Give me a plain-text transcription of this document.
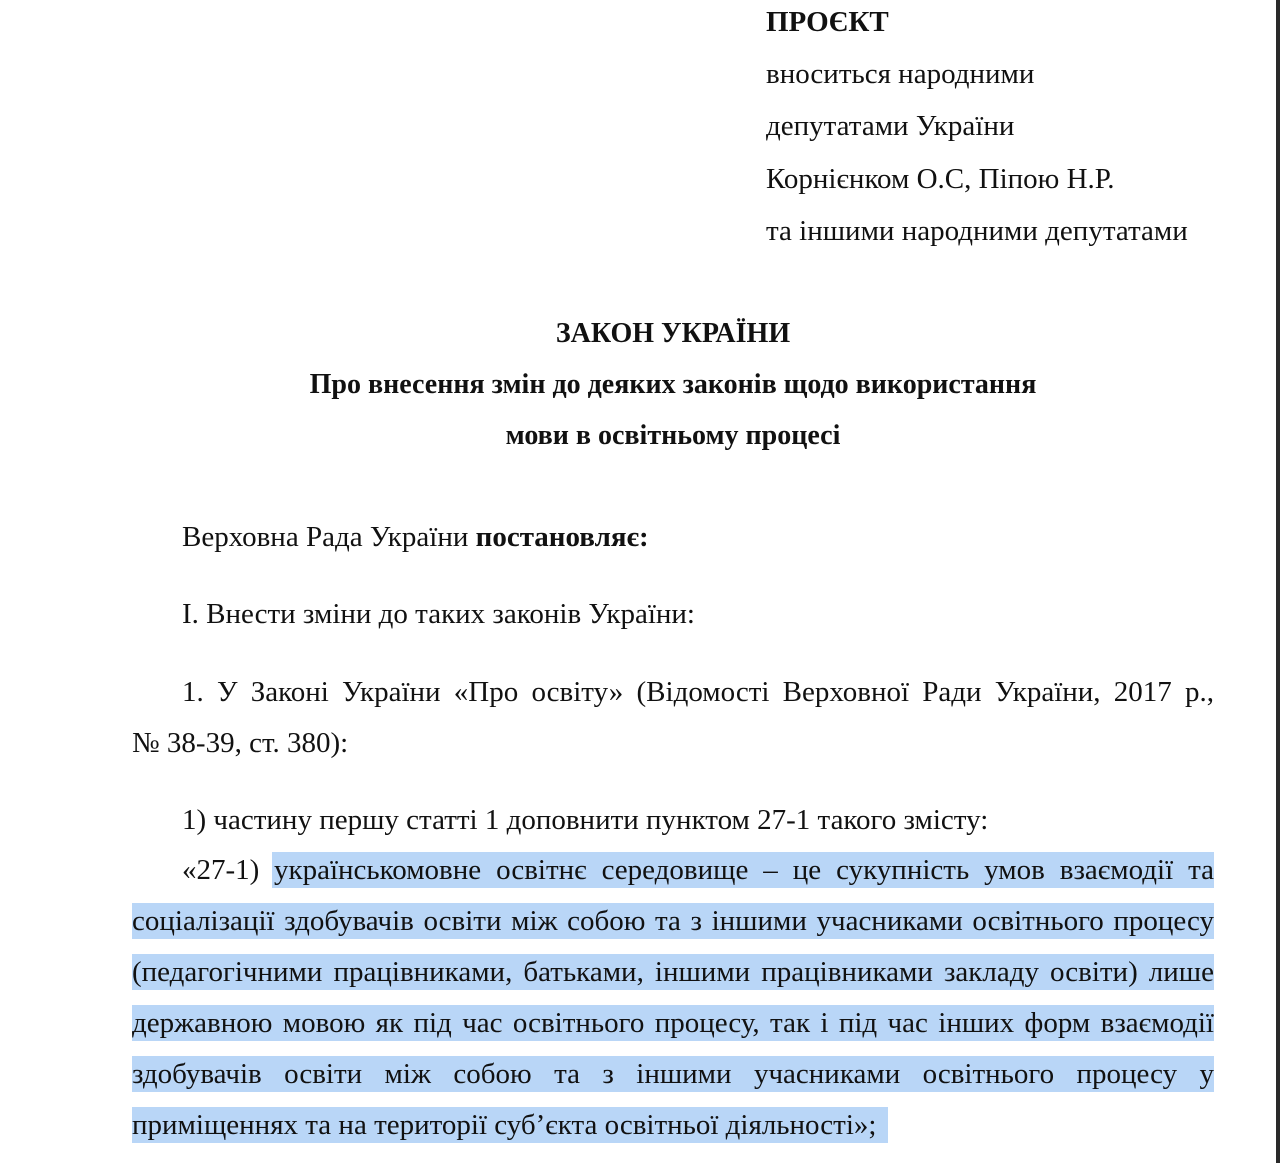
ПРОЄКТ
вноситься народними
депутатами України
Корнієнком О.С, Піпою Н.Р.
та іншими народними депутатами
ЗАКОН УКРАЇНИ
Про внесення змін до деяких законів щодо використання
мови в освітньому процесі
Верховна Рада України постановляє:
І. Внести зміни до таких законів України:
1. У Законі України «Про освіту» (Відомості Верховної Ради України, 2017 р.,
№ 38-39, ст. 380):
1) частину першу статті 1 доповнити пунктом 27-1 такого змісту:
«27-1) українськомовне освітнє середовище – це сукупність умов взаємодії та
соціалізації здобувачів освіти між собою та з іншими учасниками освітнього процесу
(педагогічними працівниками, батьками, іншими працівниками закладу освіти) лише
державною мовою як під час освітнього процесу, так і під час інших форм взаємодії
здобувачів освіти між собою та з іншими учасниками освітнього процесу у
приміщеннях та на території суб’єкта освітньої діяльності»;
